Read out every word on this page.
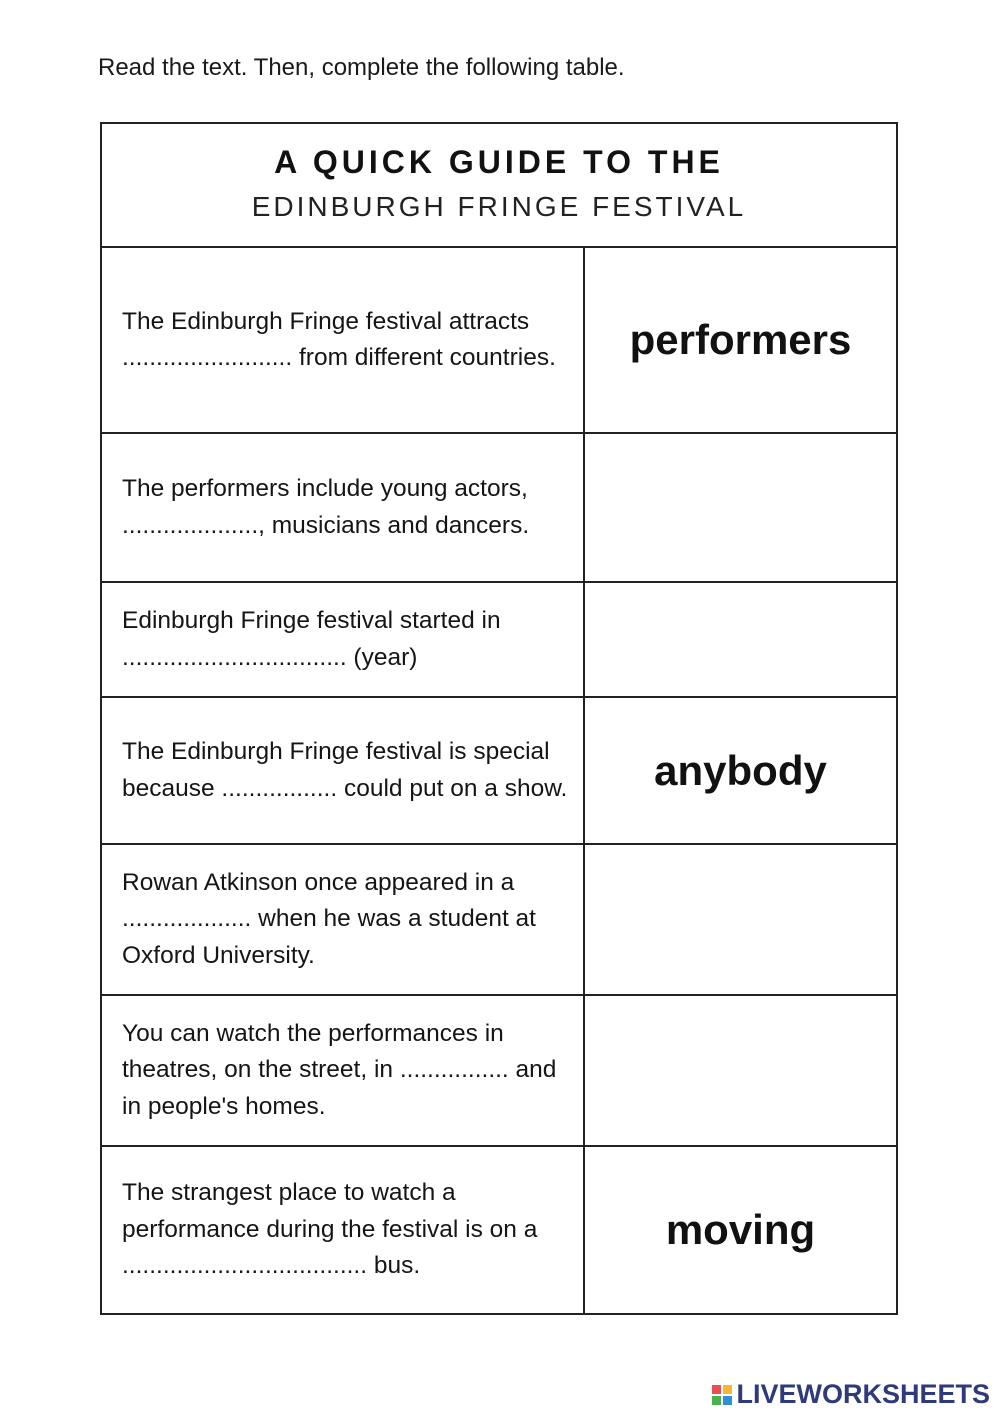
Read the text. Then, complete the following table.
A QUICK GUIDE TO THE
EDINBURGH FRINGE FESTIVAL
The Edinburgh Fringe festival attracts ......................... from different countries.	performers
The performers include young actors, ...................., musicians and dancers.
Edinburgh Fringe festival started in ................................. (year)
The Edinburgh Fringe festival is special because ................. could put on a show.	anybody
Rowan Atkinson once appeared in a ................... when he was a student at Oxford University.
You can watch the performances in theatres, on the street, in ................ and in people's homes.
The strangest place to watch a performance during the festival is on a .................................... bus.
moving
LIVEWORKSHEETS
